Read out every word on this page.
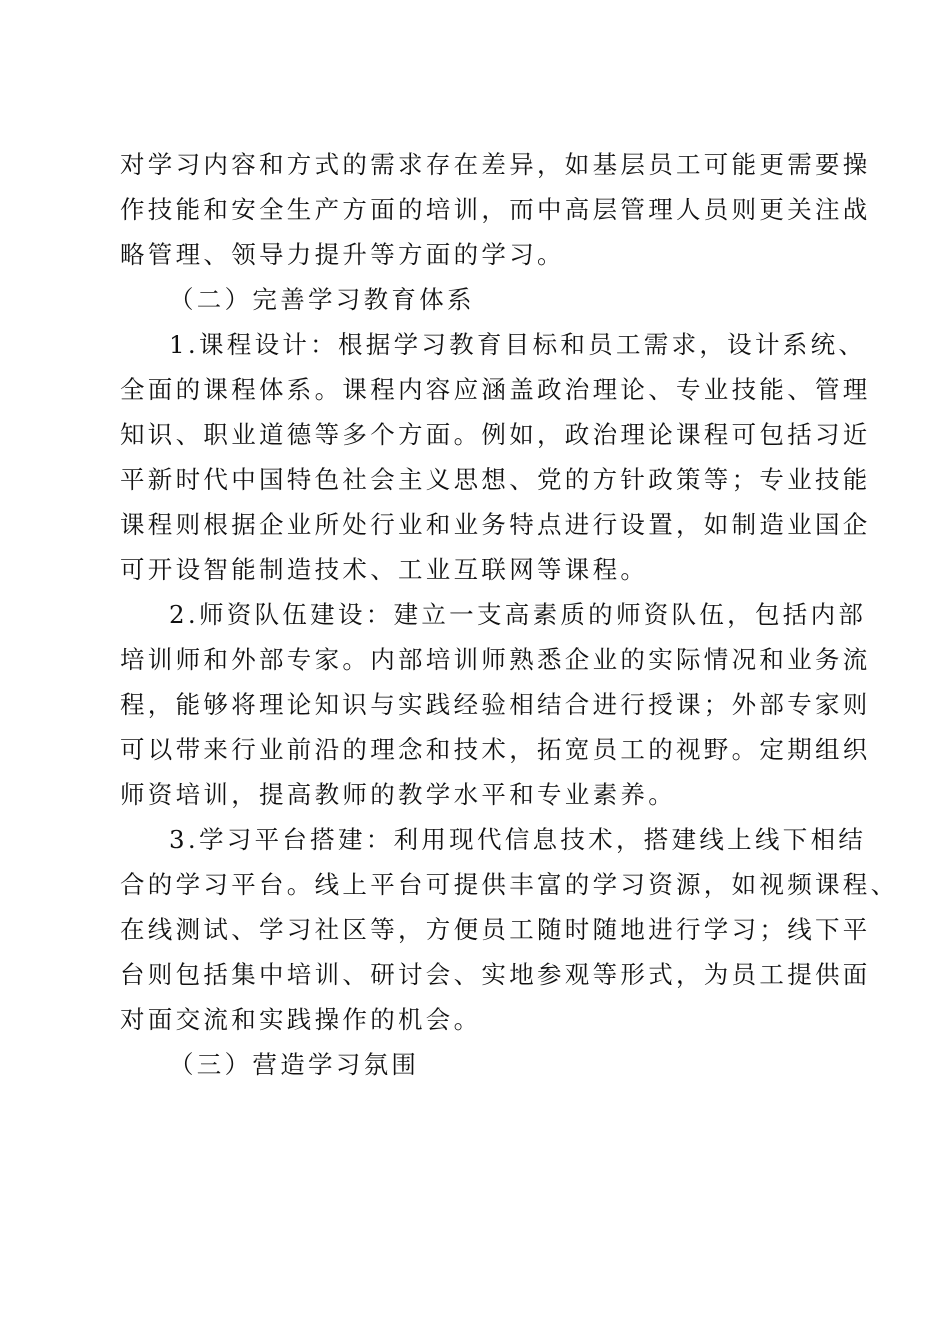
对学习内容和方式的需求存在差异，如基层员工可能更需要操
作技能和安全生产方面的培训，而中高层管理人员则更关注战
略管理、领导力提升等方面的学习。
（二）完善学习教育体系
1.课程设计：根据学习教育目标和员工需求，设计系统、
全面的课程体系。课程内容应涵盖政治理论、专业技能、管理
知识、职业道德等多个方面。例如，政治理论课程可包括习近
平新时代中国特色社会主义思想、党的方针政策等；专业技能
课程则根据企业所处行业和业务特点进行设置，如制造业国企
可开设智能制造技术、工业互联网等课程。
2.师资队伍建设：建立一支高素质的师资队伍，包括内部
培训师和外部专家。内部培训师熟悉企业的实际情况和业务流
程，能够将理论知识与实践经验相结合进行授课；外部专家则
可以带来行业前沿的理念和技术，拓宽员工的视野。定期组织
师资培训，提高教师的教学水平和专业素养。
3.学习平台搭建：利用现代信息技术，搭建线上线下相结
合的学习平台。线上平台可提供丰富的学习资源，如视频课程、
在线测试、学习社区等，方便员工随时随地进行学习；线下平
台则包括集中培训、研讨会、实地参观等形式，为员工提供面
对面交流和实践操作的机会。
（三）营造学习氛围
